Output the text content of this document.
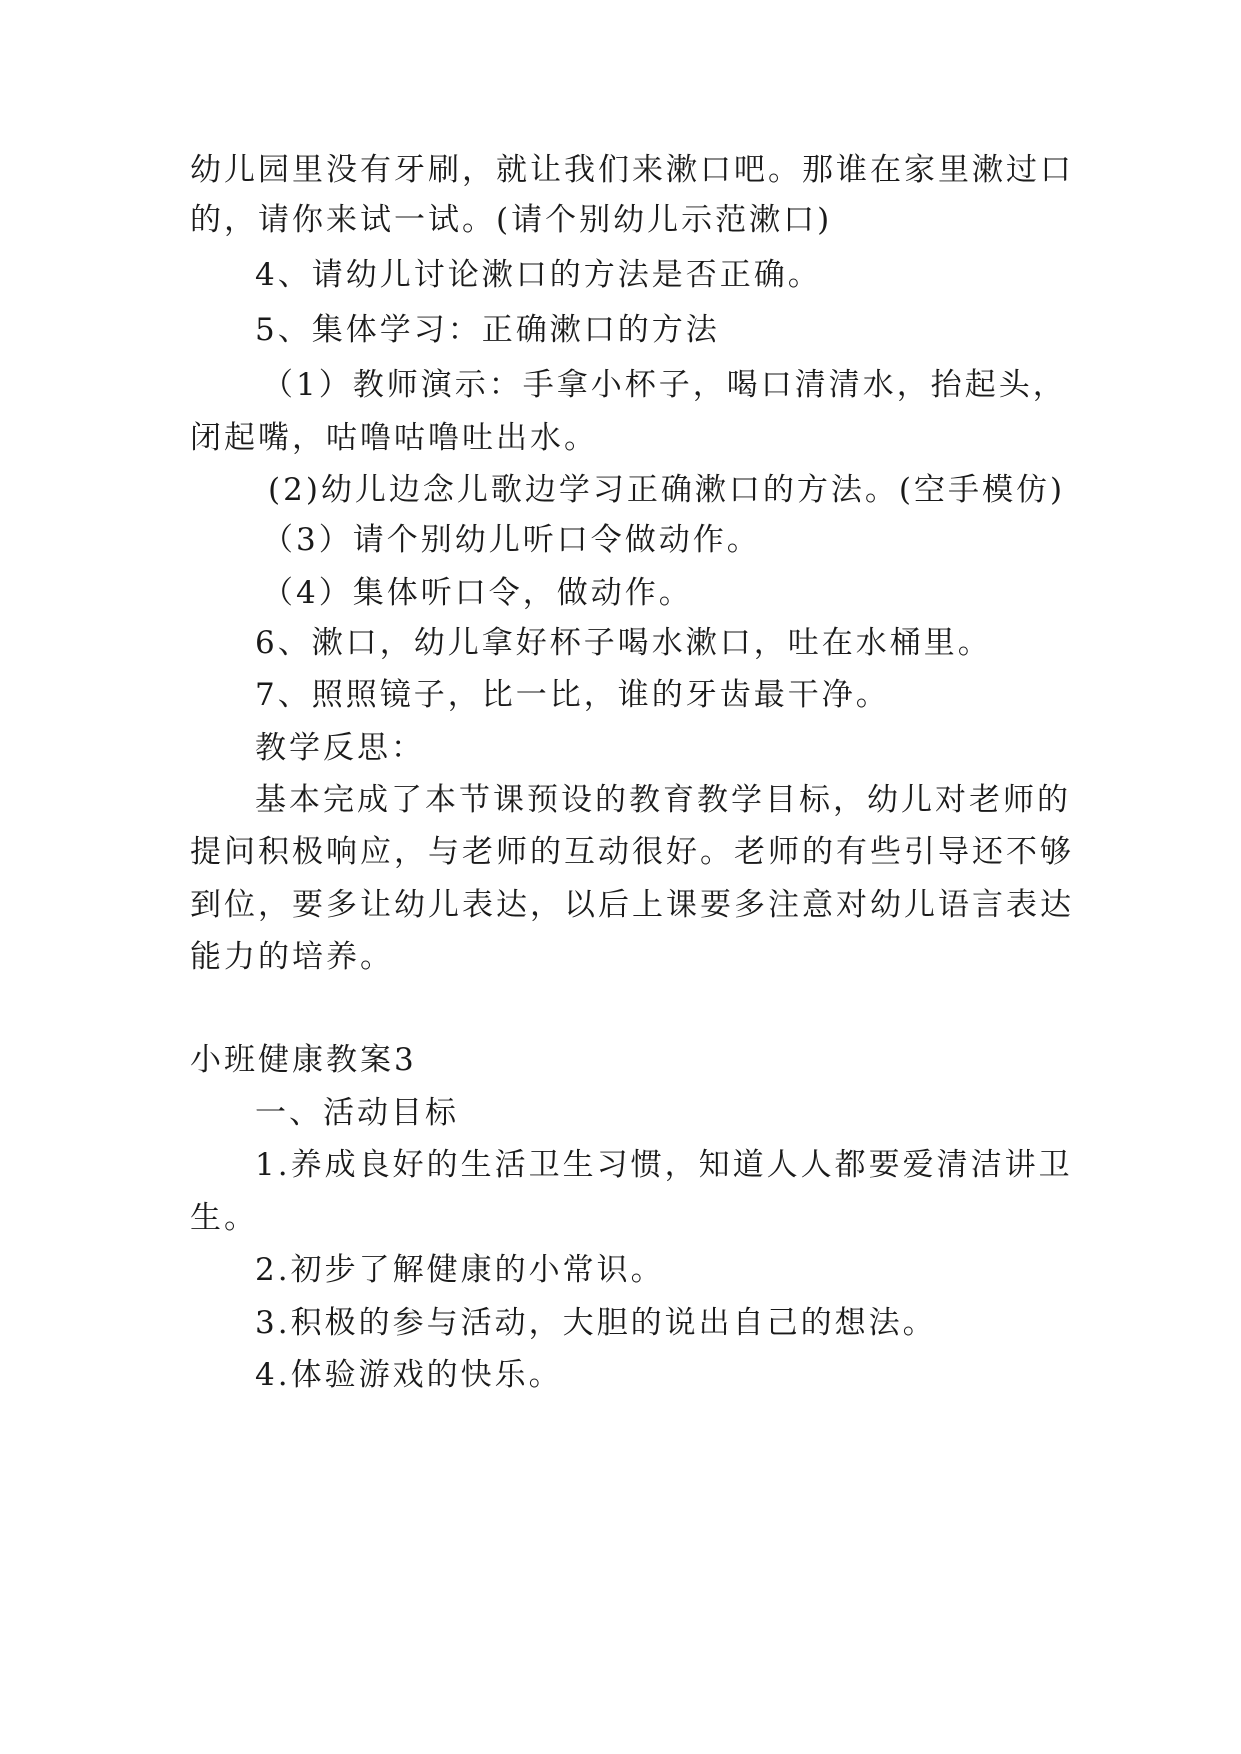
幼儿园里没有牙刷，就让我们来漱口吧。那谁在家里漱过口
的，请你来试一试。(请个别幼儿示范漱口)
4、请幼儿讨论漱口的方法是否正确。
5、集体学习：正确漱口的方法
（1）教师演示：手拿小杯子，喝口清清水，抬起头，
闭起嘴，咕噜咕噜吐出水。
(2)幼儿边念儿歌边学习正确漱口的方法。(空手模仿)
（3）请个别幼儿听口令做动作。
（4）集体听口令，做动作。
6、漱口，幼儿拿好杯子喝水漱口，吐在水桶里。
7、照照镜子，比一比，谁的牙齿最干净。
教学反思：
基本完成了本节课预设的教育教学目标，幼儿对老师的
提问积极响应，与老师的互动很好。老师的有些引导还不够
到位，要多让幼儿表达，以后上课要多注意对幼儿语言表达
能力的培养。
小班健康教案3
一、活动目标
1.养成良好的生活卫生习惯，知道人人都要爱清洁讲卫
生。
2.初步了解健康的小常识。
3.积极的参与活动，大胆的说出自己的想法。
4.体验游戏的快乐。
